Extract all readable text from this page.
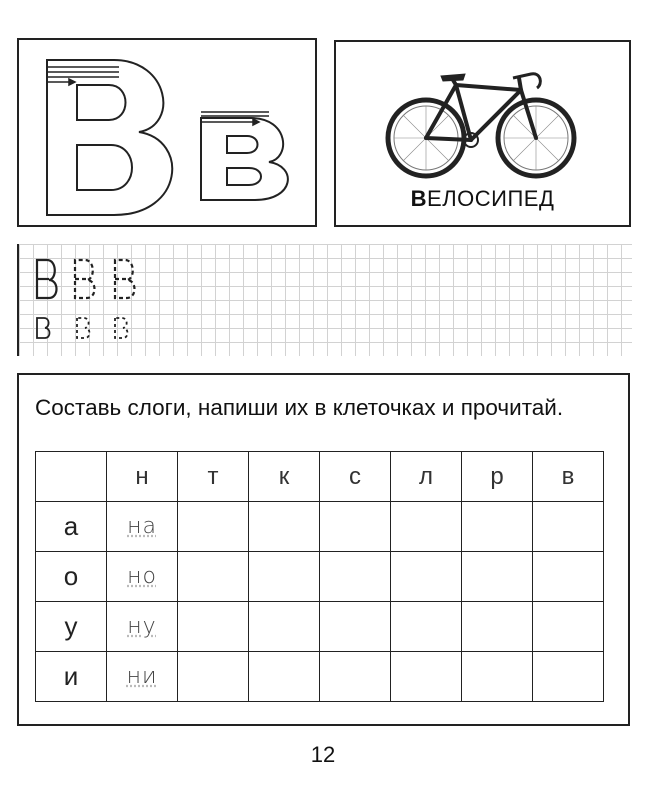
ВЕЛОСИПЕД
Составь слоги, напиши их в клеточках и прочитай.
	н	т	к	с	л	р	в
а	на						
о	но						
у	ну						
и	ни						
12
